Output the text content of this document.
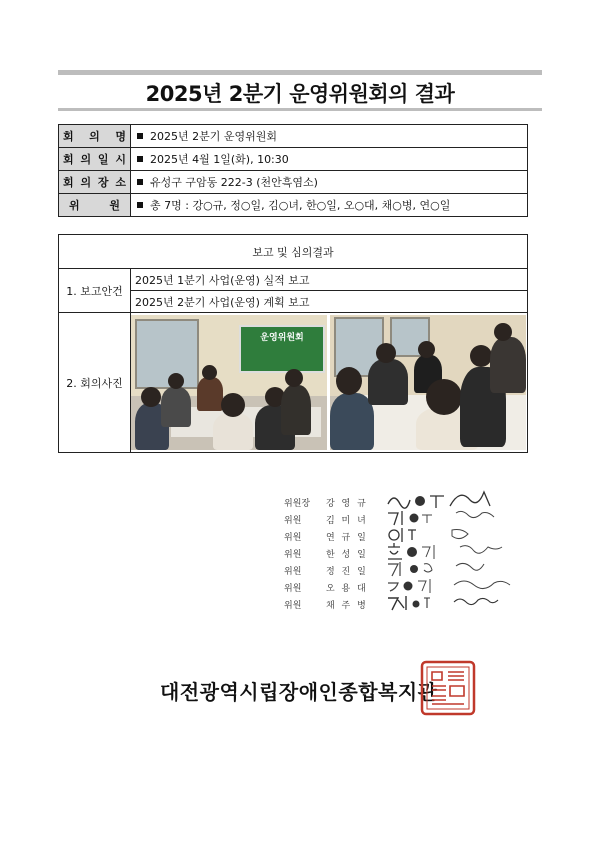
2025년 2분기 운영위원회의 결과
회 의 명	2025년 2분기 운영위원회

회 의 일 시	2025년 4월 1일(화), 10:30

회 의 장 소	유성구 구암동 222-3 (천안흑염소)

위 원	총 7명 : 강○규, 정○일, 김○녀, 한○일, 오○대, 채○병, 연○일
보고 및 심의결과	
1. 보고안건	2025년 1분기 사업(운영) 실적 보고
	2025년 2분기 사업(운영) 계획 보고
2. 회의사진	운영위원회
위원장	강 영 규
위원	김 미 녀
위원	연 규 일
위원	한 성 일
위원	정 진 일
위원	오 용 대
위원	채 주 병
대전광역시립장애인종합복지관
